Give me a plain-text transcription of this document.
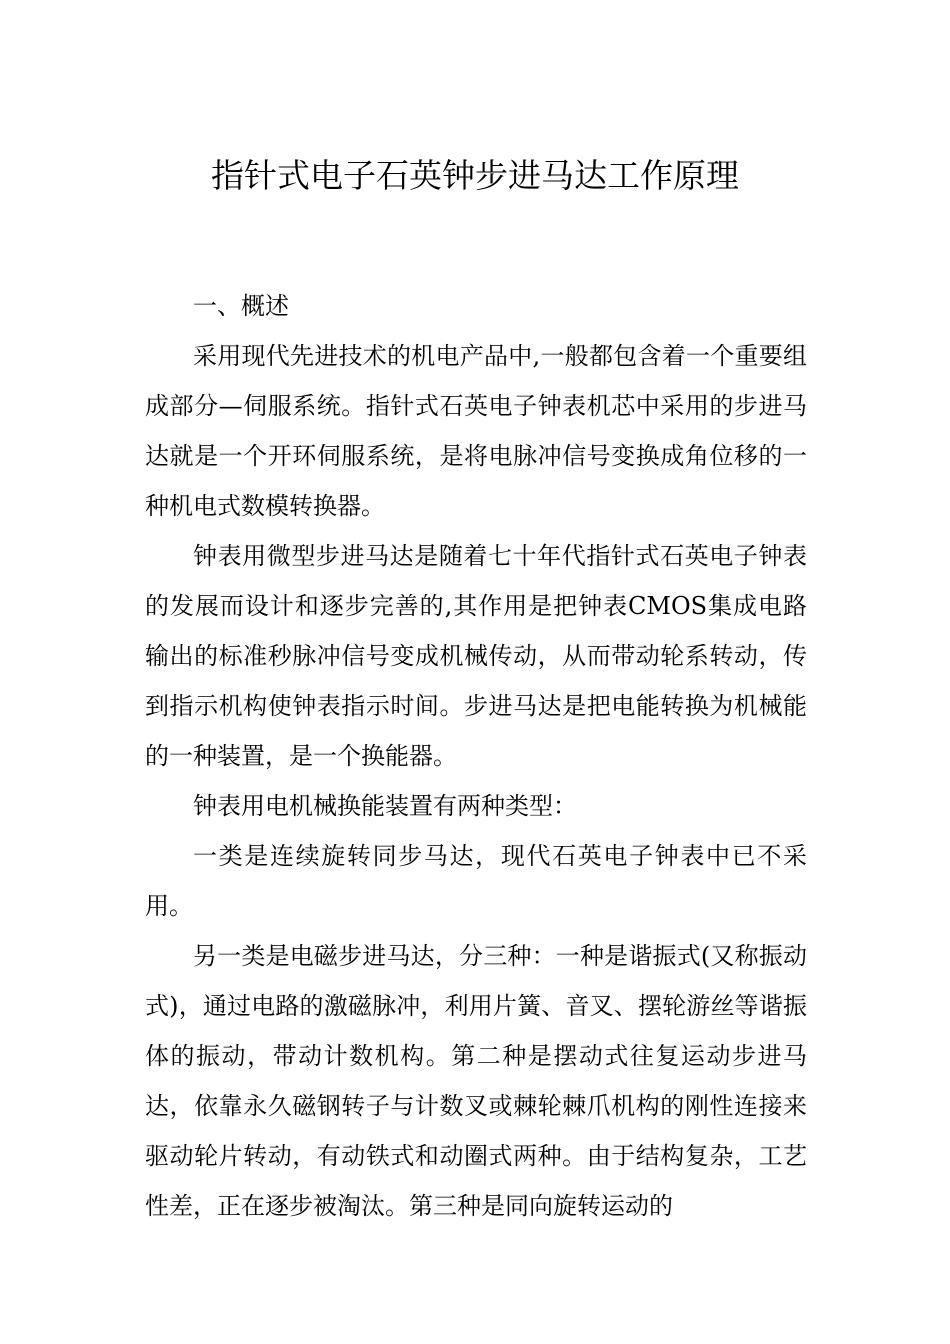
指针式电子石英钟步进马达工作原理

一、概述

采用现代先进技术的机电产品中,一般都包含着一个重要组成部分—伺服系统。指针式石英电子钟表机芯中采用的步进马达就是一个开环伺服系统，是将电脉冲信号变换成角位移的一种机电式数模转换器。

钟表用微型步进马达是随着七十年代指针式石英电子钟表的发展而设计和逐步完善的,其作用是把钟表CMOS集成电路输出的标准秒脉冲信号变成机械传动，从而带动轮系转动，传到指示机构使钟表指示时间。步进马达是把电能转换为机械能的一种装置，是一个换能器。

钟表用电机械换能装置有两种类型：

一类是连续旋转同步马达，现代石英电子钟表中已不采用。

另一类是电磁步进马达，分三种：一种是谐振式(又称振动式)，通过电路的激磁脉冲，利用片簧、音叉、摆轮游丝等谐振体的振动，带动计数机构。第二种是摆动式往复运动步进马达，依靠永久磁钢转子与计数叉或棘轮棘爪机构的刚性连接来驱动轮片转动，有动铁式和动圈式两种。由于结构复杂，工艺性差，正在逐步被淘汰。第三种是同向旋转运动的
